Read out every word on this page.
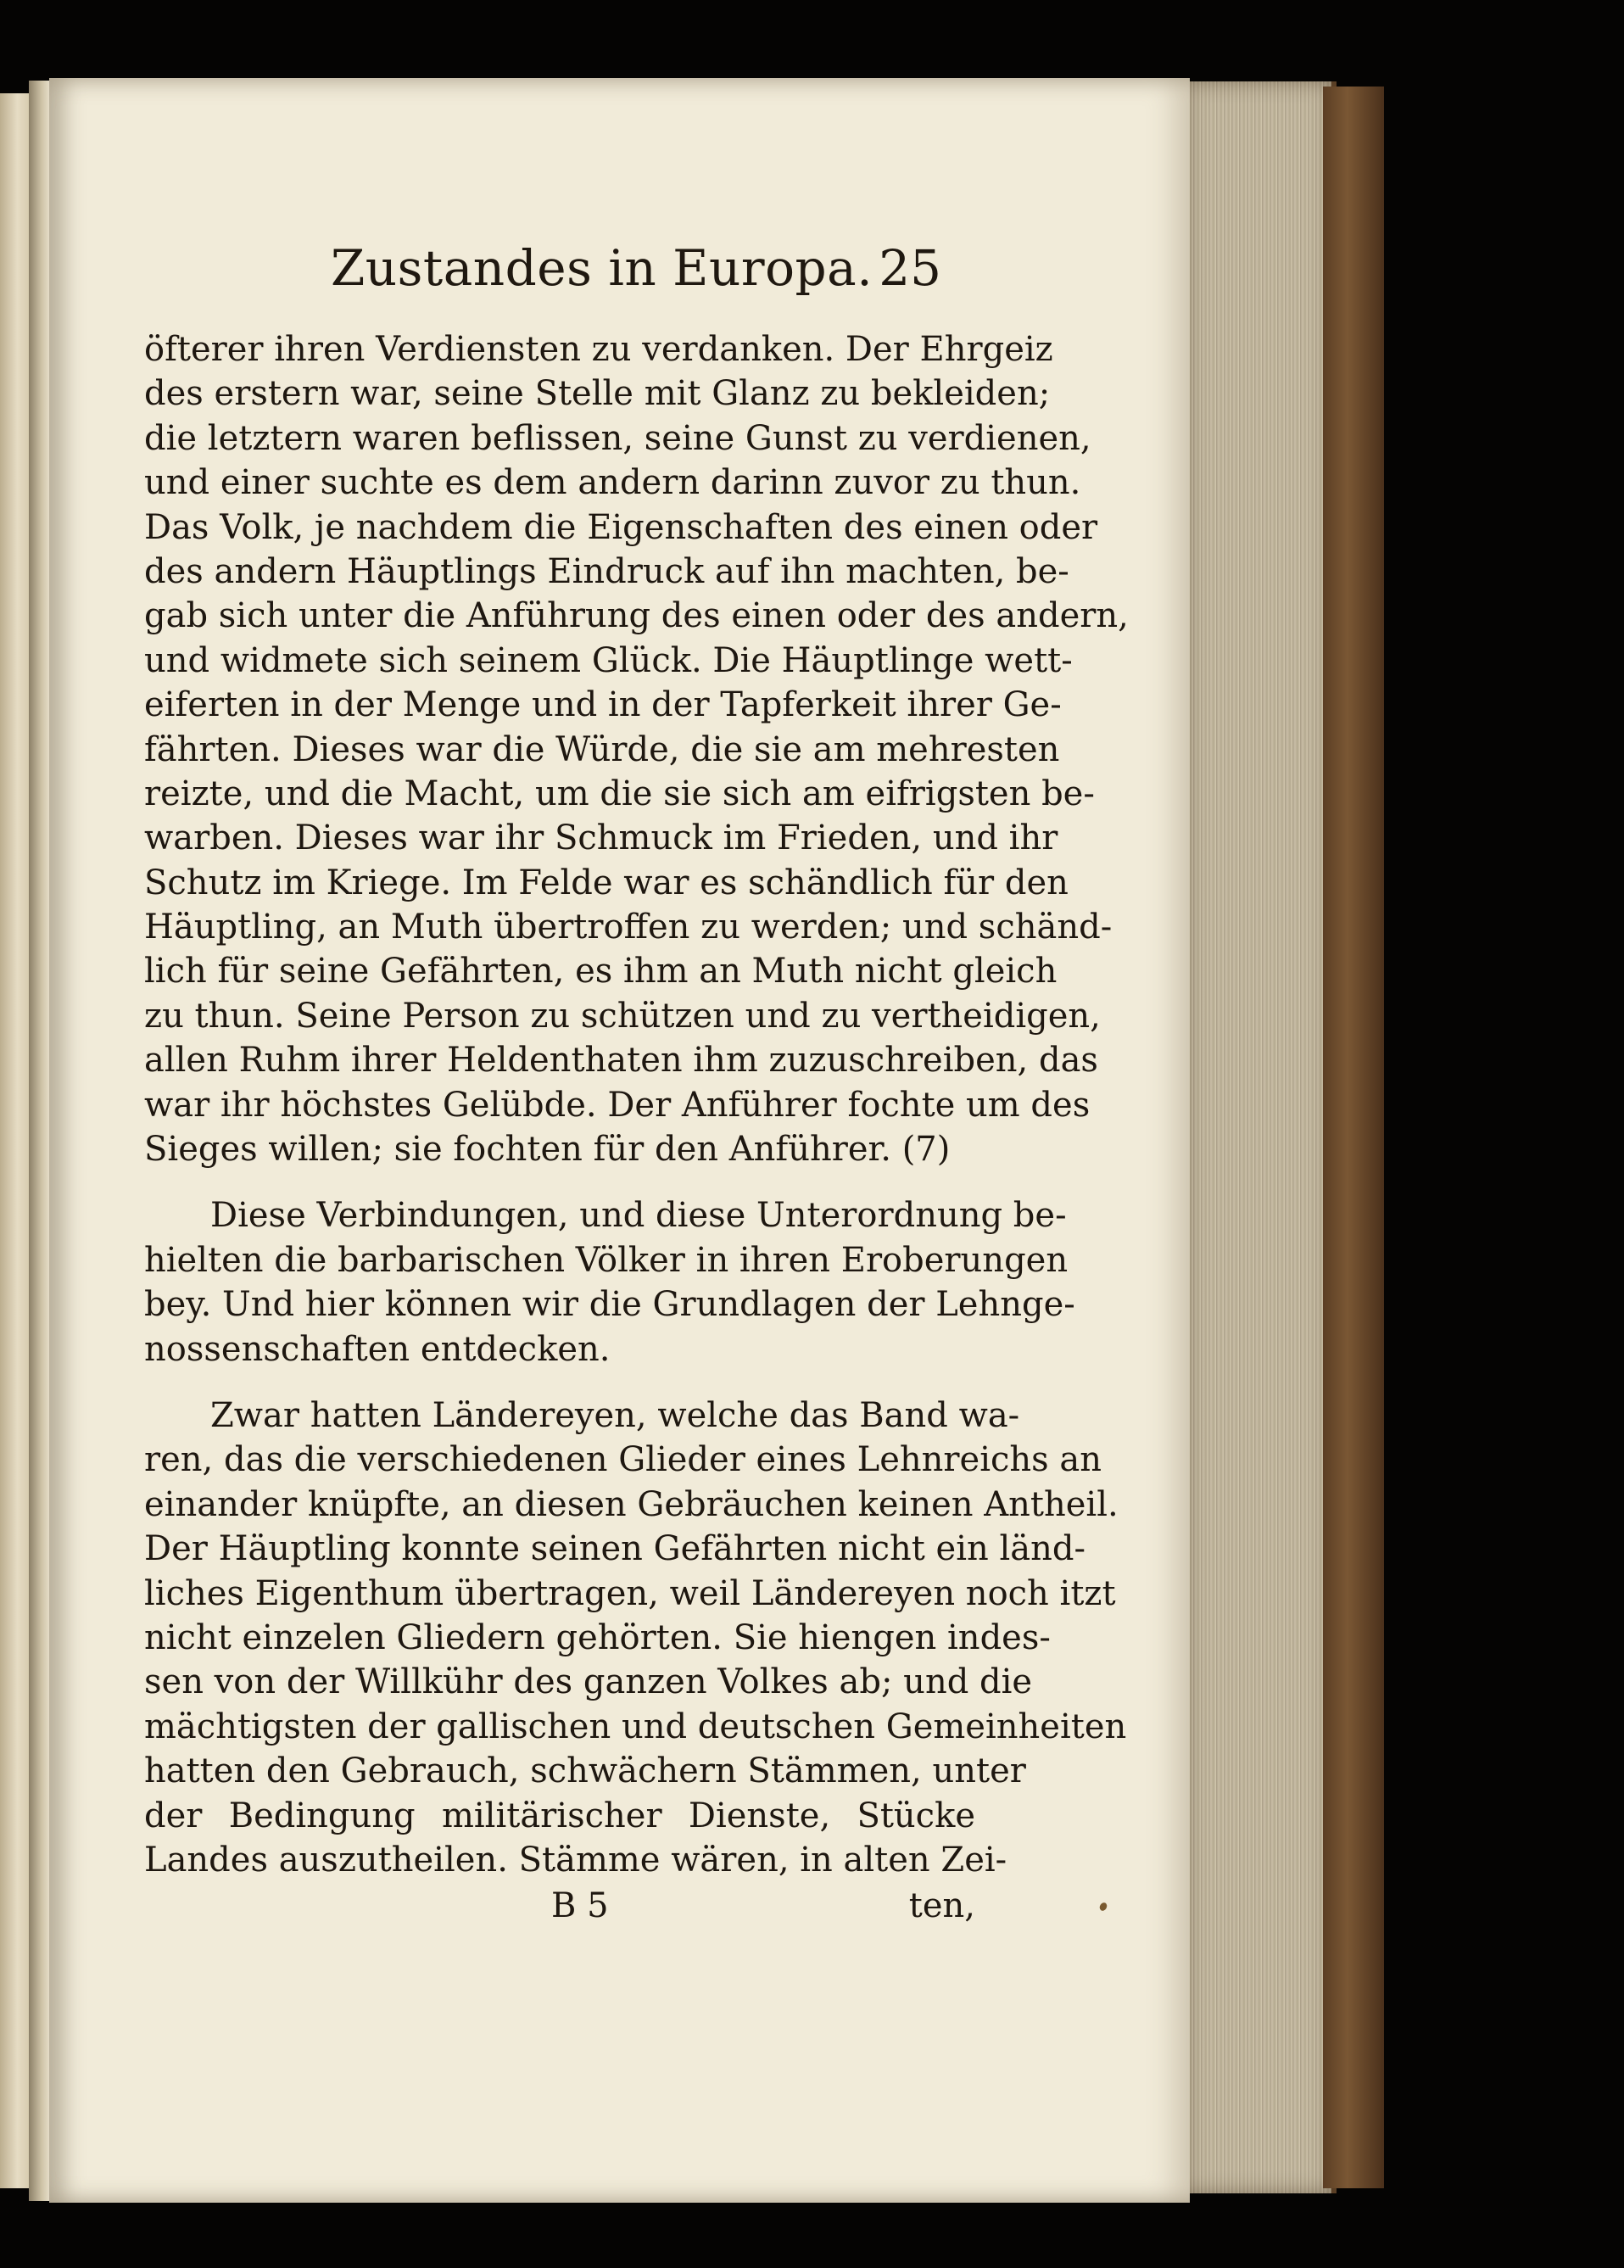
Zustandes in Europa. 25
öfterer ihren Verdiensten zu verdanken. Der Ehrgeiz
des erstern war, seine Stelle mit Glanz zu bekleiden;
die letztern waren beflissen, seine Gunst zu verdienen,
und einer suchte es dem andern darinn zuvor zu thun.
Das Volk, je nachdem die Eigenschaften des einen oder
des andern Häuptlings Eindruck auf ihn machten, be-
gab sich unter die Anführung des einen oder des andern,
und widmete sich seinem Glück. Die Häuptlinge wett-
eiferten in der Menge und in der Tapferkeit ihrer Ge-
fährten. Dieses war die Würde, die sie am mehresten
reizte, und die Macht, um die sie sich am eifrigsten be-
warben. Dieses war ihr Schmuck im Frieden, und ihr
Schutz im Kriege. Im Felde war es schändlich für den
Häuptling, an Muth übertroffen zu werden; und schänd-
lich für seine Gefährten, es ihm an Muth nicht gleich
zu thun. Seine Person zu schützen und zu vertheidigen,
allen Ruhm ihrer Heldenthaten ihm zuzuschreiben, das
war ihr höchstes Gelübde. Der Anführer fochte um des
Sieges willen; sie fochten für den Anführer. (7)
Diese Verbindungen, und diese Unterordnung be-
hielten die barbarischen Völker in ihren Eroberungen
bey. Und hier können wir die Grundlagen der Lehnge-
nossenschaften entdecken.
Zwar hatten Ländereyen, welche das Band wa-
ren, das die verschiedenen Glieder eines Lehnreichs an
einander knüpfte, an diesen Gebräuchen keinen Antheil.
Der Häuptling konnte seinen Gefährten nicht ein länd-
liches Eigenthum übertragen, weil Ländereyen noch itzt
nicht einzelen Gliedern gehörten. Sie hiengen indes-
sen von der Willkühr des ganzen Volkes ab; und die
mächtigsten der gallischen und deutschen Gemeinheiten
hatten den Gebrauch, schwächern Stämmen, unter
der Bedingung militärischer Dienste, Stücke
Landes auszutheilen. Stämme wären, in alten Zei-
B 5	ten,
